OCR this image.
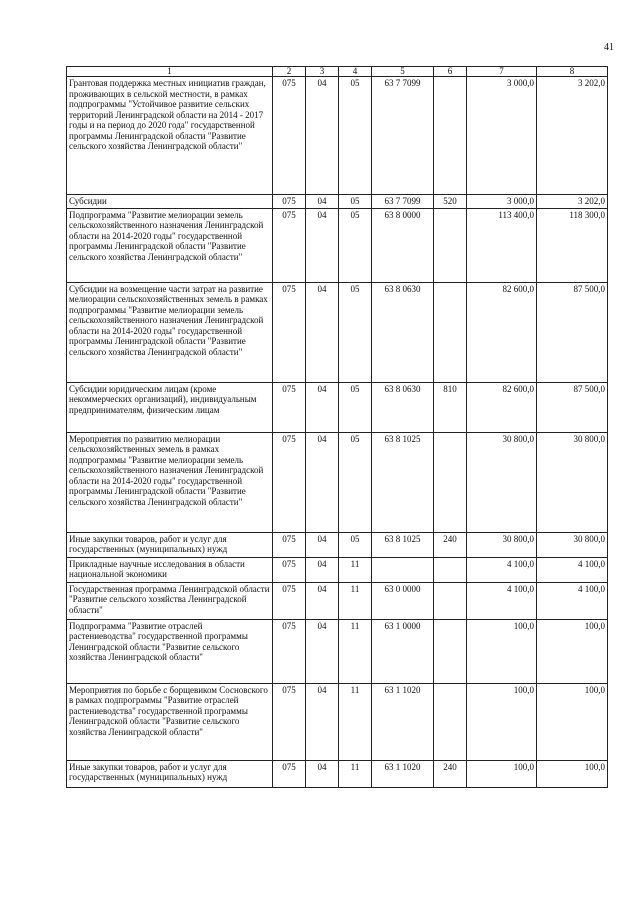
41
1	2	3	4	5	6	7	8
Грантовая поддержка местных инициатив граждан, проживающих в сельской местности, в рамках подпрограммы "Устойчивое развитие сельских территорий Ленинградской области на 2014 - 2017 годы и на период до 2020 года" государственной программы Ленинградской области "Развитие сельского хозяйства Ленинградской области"	075	04	05	63 7 7099		3 000,0	3 202,0
Субсидии	075	04	05	63 7 7099	520	3 000,0	3 202,0
Подпрограмма "Развитие мелиорации земель сельскохозяйственного назначения Ленинградской области на 2014-2020 годы" государственной программы Ленинградской области "Развитие сельского хозяйства Ленинградской области"	075	04	05	63 8 0000		113 400,0	118 300,0
Субсидии на возмещение части затрат на развитие мелиорации сельскохозяйственных земель в рамках подпрограммы "Развитие мелиорации земель сельскохозяйственного назначения Ленинградской области на 2014-2020 годы" государственной программы Ленинградской области "Развитие сельского хозяйства Ленинградской области"	075	04	05	63 8 0630		82 600,0	87 500,0
Субсидии юридическим лицам (кроме некоммерческих организаций), индивидуальным предпринимателям, физическим лицам	075	04	05	63 8 0630	810	82 600,0	87 500,0
Мероприятия по развитию мелиорации сельскохозяйственных земель в рамках подпрограммы "Развитие мелиорации земель сельскохозяйственного назначения Ленинградской области на 2014-2020 годы" государственной программы Ленинградской области "Развитие сельского хозяйства Ленинградской области"	075	04	05	63 8 1025		30 800,0	30 800,0
Иные закупки товаров, работ и услуг для государственных (муниципальных) нужд	075	04	05	63 8 1025	240	30 800,0	30 800,0
Прикладные научные исследования в области национальной экономики	075	04	11			4 100,0	4 100,0
Государственная программа Ленинградской области "Развитие сельского хозяйства Ленинградской области"	075	04	11	63 0 0000		4 100,0	4 100,0
Подпрограмма "Развитие отраслей растениеводства" государственной программы Ленинградской области "Развитие сельского хозяйства Ленинградской области"	075	04	11	63 1 0000		100,0	100,0
Мероприятия по борьбе с борщевиком Сосновского в рамках подпрограммы "Развитие отраслей растениеводства" государственной программы Ленинградской области "Развитие сельского хозяйства Ленинградской области"	075	04	11	63 1 1020		100,0	100,0
Иные закупки товаров, работ и услуг для государственных (муниципальных) нужд	075	04	11	63 1 1020	240	100,0	100,0
